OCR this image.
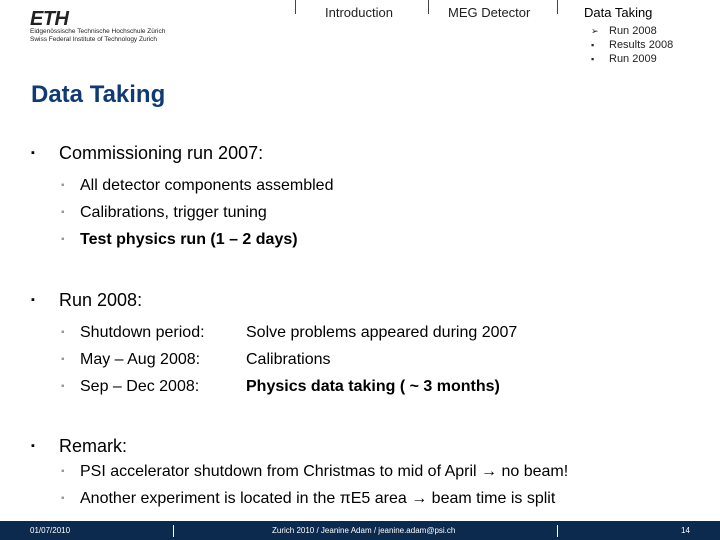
ETH
Eidgenössische Technische Hochschule Zürich
Swiss Federal Institute of Technology Zurich
Introduction	MEG Detector	Data Taking
➢ Run 2008
▪ Results 2008
▪ Run 2009
Data Taking
▪ Commissioning run 2007:
▪ All detector components assembled
▪ Calibrations, trigger tuning
▪ Test physics run (1 – 2 days)
▪ Run 2008:
▪ Shutdown period:	Solve problems appeared during 2007
▪ May – Aug 2008:	Calibrations
▪ Sep – Dec 2008:	Physics data taking ( ~ 3 months)
▪ Remark:
▪ PSI accelerator shutdown from Christmas to mid of April → no beam!
▪ Another experiment is located in the πE5 area → beam time is split
01/07/2010	Zurich 2010 / Jeanine Adam / jeanine.adam@psi.ch	14
